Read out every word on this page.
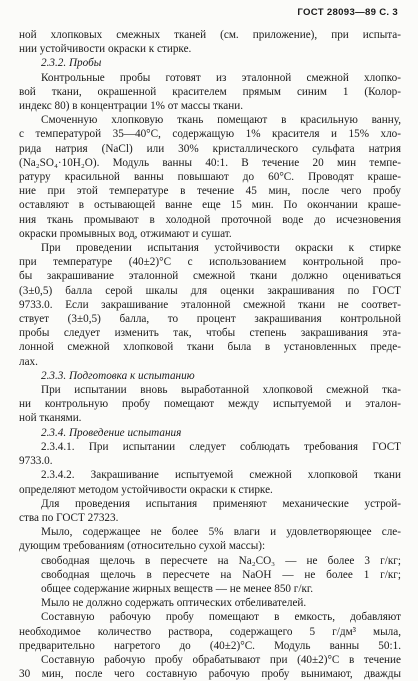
ГОСТ 28093—89 С. 3
ной хлопковых смежных тканей (см. приложение), при испыта-
нии устойчивости окраски к стирке.
2.3.2. Пробы
Контрольные пробы готовят из эталонной смежной хлопко-
вой ткани, окрашенной красителем прямым синим 1 (Колор-
индекс 80) в концентрации 1% от массы ткани.
Смоченную хлопковую ткань помещают в красильную ванну,
с температурой 35—40°С, содержащую 1% красителя и 15% хло-
рида натрия (NaCl) или 30% кристаллического сульфата натрия
(Na₂SO₄·10H₂O). Модуль ванны 40:1. В течение 20 мин темпе-
ратуру красильной ванны повышают до 60°С. Проводят краше-
ние при этой температуре в течение 45 мин, после чего пробу
оставляют в остывающей ванне еще 15 мин. По окончании краше-
ния ткань промывают в холодной проточной воде до исчезновения
окраски промывных вод, отжимают и сушат.
При проведении испытания устойчивости окраски к стирке
при температуре (40±2)°С с использованием контрольной про-
бы закрашивание эталонной смежной ткани должно оцениваться
(3±0,5) балла серой шкалы для оценки закрашивания по ГОСТ
9733.0. Если закрашивание эталонной смежной ткани не соответ-
ствует (3±0,5) балла, то процент закрашивания контрольной
пробы следует изменить так, чтобы степень закрашивания эта-
лонной смежной хлопковой ткани была в установленных преде-
лах.
2.3.3. Подготовка к испытанию
При испытании вновь выработанной хлопковой смежной тка-
ни контрольную пробу помещают между испытуемой и эталон-
ной тканями.
2.3.4. Проведение испытания
2.3.4.1. При испытании следует соблюдать требования ГОСТ
9733.0.
2.3.4.2. Закрашивание испытуемой смежной хлопковой ткани
определяют методом устойчивости окраски к стирке.
Для проведения испытания применяют механические устрой-
ства по ГОСТ 27323.
Мыло, содержащее не более 5% влаги и удовлетворяющее сле-
дующим требованиям (относительно сухой массы):
свободная щелочь в пересчете на Na₂CO₃ — не более 3 г/кг;
свободная щелочь в пересчете на NaOH — не более 1 г/кг;
общее содержание жирных веществ — не менее 850 г/кг.
Мыло не должно содержать оптических отбеливателей.
Составную рабочую пробу помещают в емкость, добавляют
необходимое количество раствора, содержащего 5 г/дм³ мыла,
предварительно нагретого до (40±2)°С. Модуль ванны 50:1.
Составную рабочую пробу обрабатывают при (40±2)°С в течение
30 мин, после чего составную рабочую пробу вынимают, дважды
